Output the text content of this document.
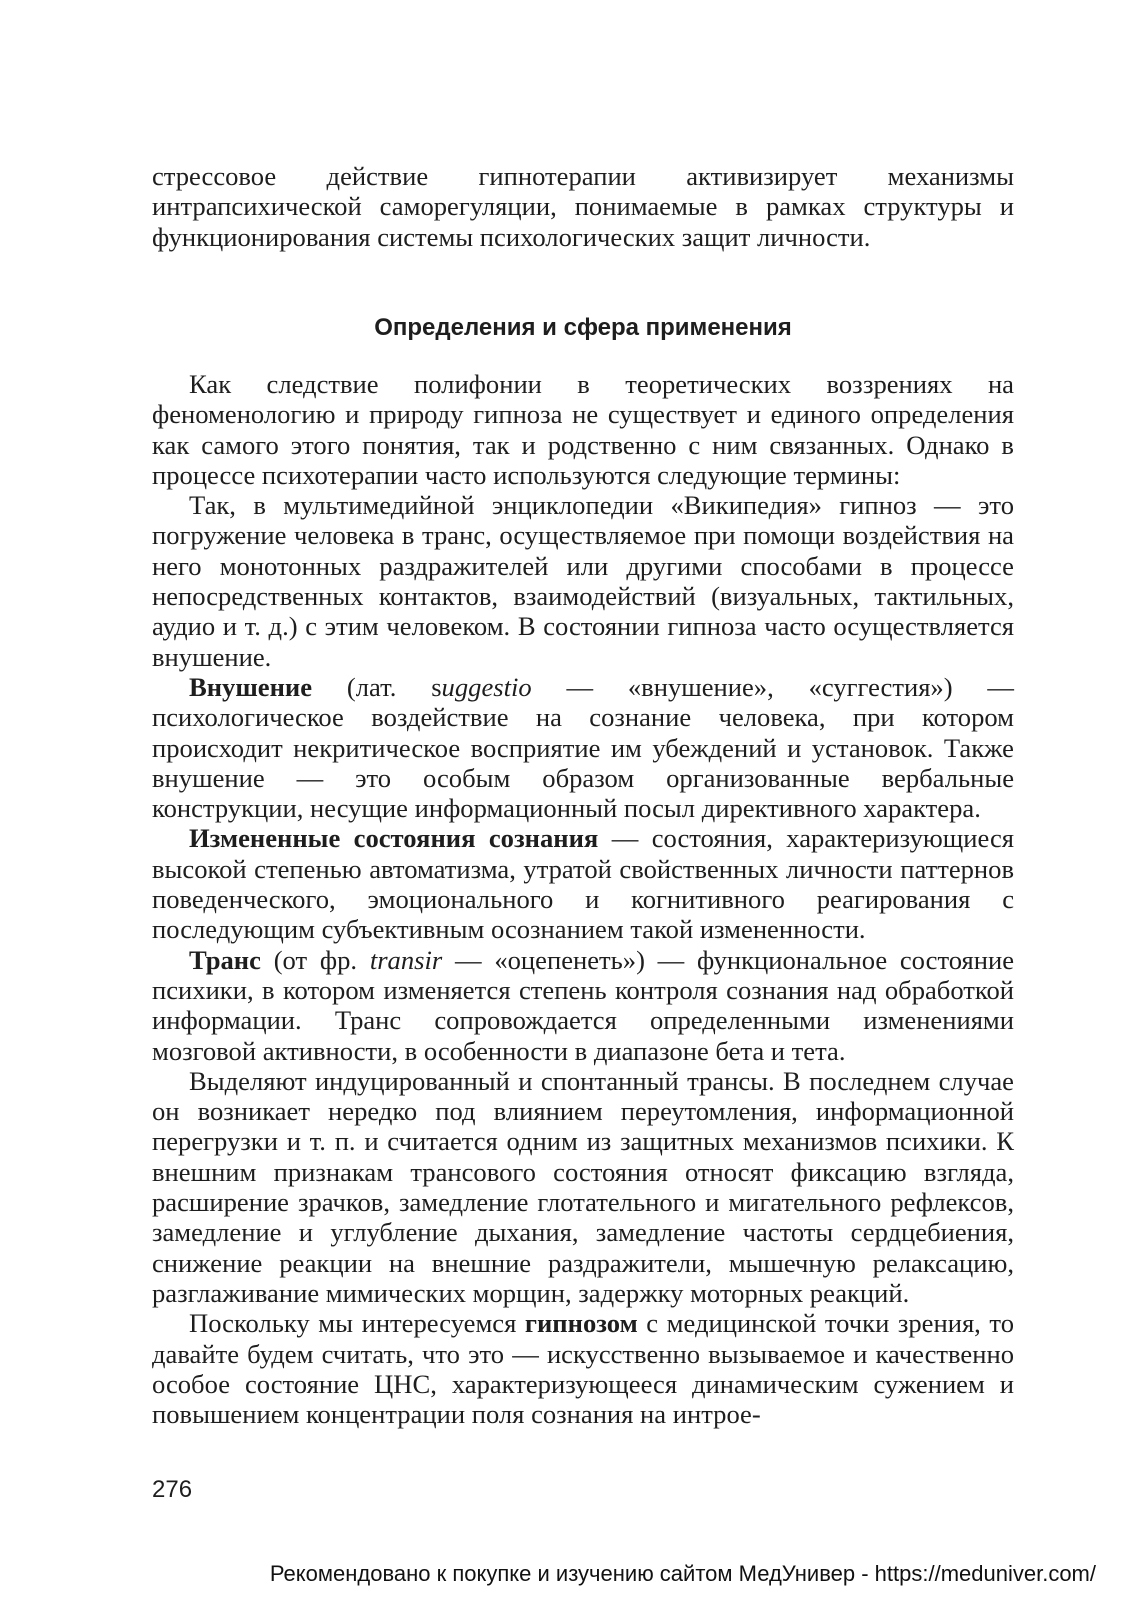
стрессовое действие гипнотерапии активизирует механизмы интрапсихической саморегуляции, понимаемые в рамках структуры и функционирования системы психологических защит личности.

Определения и сфера применения

Как следствие полифонии в теоретических воззрениях на феноменологию и природу гипноза не существует и единого определения как самого этого понятия, так и родственно с ним связанных. Однако в процессе психотерапии часто используются следующие термины:

Так, в мультимедийной энциклопедии «Википедия» гипноз — это погружение человека в транс, осуществляемое при помощи воздействия на него монотонных раздражителей или другими способами в процессе непосредственных контактов, взаимодействий (визуальных, тактильных, аудио и т. д.) с этим человеком. В состоянии гипноза часто осуществляется внушение.

Внушение (лат. suggestio — «внушение», «суггестия») — психологическое воздействие на сознание человека, при котором происходит некритическое восприятие им убеждений и установок. Также внушение — это особым образом организованные вербальные конструкции, несущие информационный посыл директивного характера.

Измененные состояния сознания — состояния, характеризующиеся высокой степенью автоматизма, утратой свойственных личности паттернов поведенческого, эмоционального и когнитивного реагирования с последующим субъективным осознанием такой измененности.

Транс (от фр. transir — «оцепенеть») — функциональное состояние психики, в котором изменяется степень контроля сознания над обработкой информации. Транс сопровождается определенными изменениями мозговой активности, в особенности в диапазоне бета и тета.

Выделяют индуцированный и спонтанный трансы. В последнем случае он возникает нередко под влиянием переутомления, информационной перегрузки и т. п. и считается одним из защитных механизмов психики. К внешним признакам трансового состояния относят фиксацию взгляда, расширение зрачков, замедление глотательного и мигательного рефлексов, замедление и углубление дыхания, замедление частоты сердцебиения, снижение реакции на внешние раздражители, мышечную релаксацию, разглаживание мимических морщин, задержку моторных реакций.

Поскольку мы интересуемся гипнозом с медицинской точки зрения, то давайте будем считать, что это — искусственно вызываемое и качественно особое состояние ЦНС, характеризующееся динамическим сужением и повышением концентрации поля сознания на интрое-

276
Рекомендовано к покупке и изучению сайтом МедУнивер - https://meduniver.com/
